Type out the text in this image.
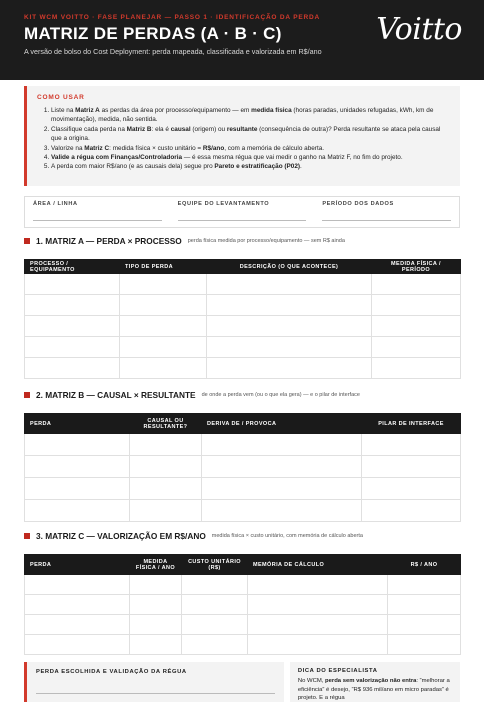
KIT WCM VOITTO · FASE PLANEJAR — PASSO 1 · IDENTIFICAÇÃO DA PERDA
MATRIZ DE PERDAS (A · B · C)
A versão de bolso do Cost Deployment: perda mapeada, classificada e valorizada em R$/ano
Voitto
COMO USAR
1. Liste na Matriz A as perdas da área por processo/equipamento — em medida física (horas paradas, unidades refugadas, kWh, km de movimentação), medida, não sentida.
2. Classifique cada perda na Matriz B: ela é causal (origem) ou resultante (consequência de outra)? Perda resultante se ataca pela causal que a origina.
3. Valorize na Matriz C: medida física × custo unitário = R$/ano, com a memória de cálculo aberta.
4. Valide a régua com Finanças/Controladoria — é essa mesma régua que vai medir o ganho na Matriz F, no fim do projeto.
5. A perda com maior R$/ano (e as causais dela) segue pro Pareto e estratificação (P02).
ÁREA / LINHA	EQUIPE DO LEVANTAMENTO	PERÍODO DOS DADOS
1. MATRIZ A — PERDA × PROCESSO perda física medida por processo/equipamento — sem R$ ainda
PROCESSO / EQUIPAMENTO	TIPO DE PERDA	DESCRIÇÃO (O QUE ACONTECE)	MEDIDA FÍSICA / PERÍODO

2. MATRIZ B — CAUSAL × RESULTANTE de onde a perda vem (ou o que ela gera) — e o pilar de interface
PERDA	CAUSAL OU RESULTANTE?	DERIVA DE / PROVOCA	PILAR DE INTERFACE

3. MATRIZ C — VALORIZAÇÃO EM R$/ANO medida física × custo unitário, com memória de cálculo aberta
PERDA	MEDIDA FÍSICA / ANO	CUSTO UNITÁRIO (R$)	MEMÓRIA DE CÁLCULO	R$ / ANO

PERDA ESCOLHIDA E VALIDAÇÃO DA RÉGUA	DICA DO ESPECIALISTA
No WCM, perda sem valorização não entra: “melhorar a eficiência” é desejo, “R$ 936 mil/ano em micro paradas” é projeto. E a régua
